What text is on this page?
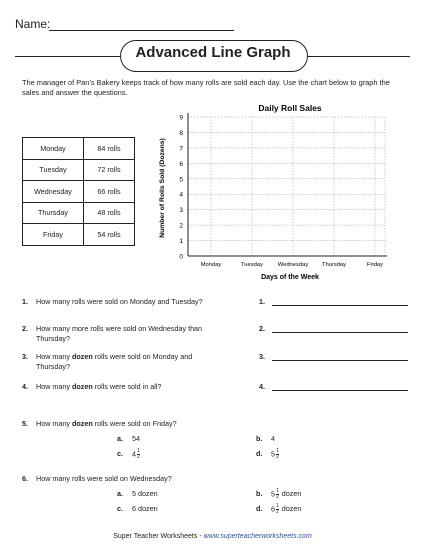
Name:
Advanced Line Graph
The manager of Pan’s Bakery keeps track of how many rolls are sold each day. Use the chart below to graph the sales and answer the questions.
Monday	84 rolls
Tuesday	72 rolls
Wednesday	66 rolls
Thursday	48 rolls
Friday	54 rolls
Daily Roll Sales
Number of Rolls Sold (Dozens)
Days of the Week
0
1
2
3
4
5
6
7
8
9
Monday	Tuesday	Wednesday Thursday	Friday
1. How many rolls were sold on Monday and Tuesday?	1.
2. How many more rolls were sold on Wednesday than Thursday?
2.
3. How many dozen rolls were sold on Monday and Thursday?
3.
4. How many dozen rolls were sold in all?	4.
5. How many dozen rolls were sold on Friday?
a. 54	b. 4
c. $4 \frac{1}{2}$	d. $5 \frac{1}{2}$
6. How many rolls were sold on Wednesday?
a. 5 dozen	b. $5 \frac{1}{2}$ dozen
c. 6 dozen	d. $6 \frac{1}{2}$ dozen
Super Teacher Worksheets - www.superteacherworksheets.com
